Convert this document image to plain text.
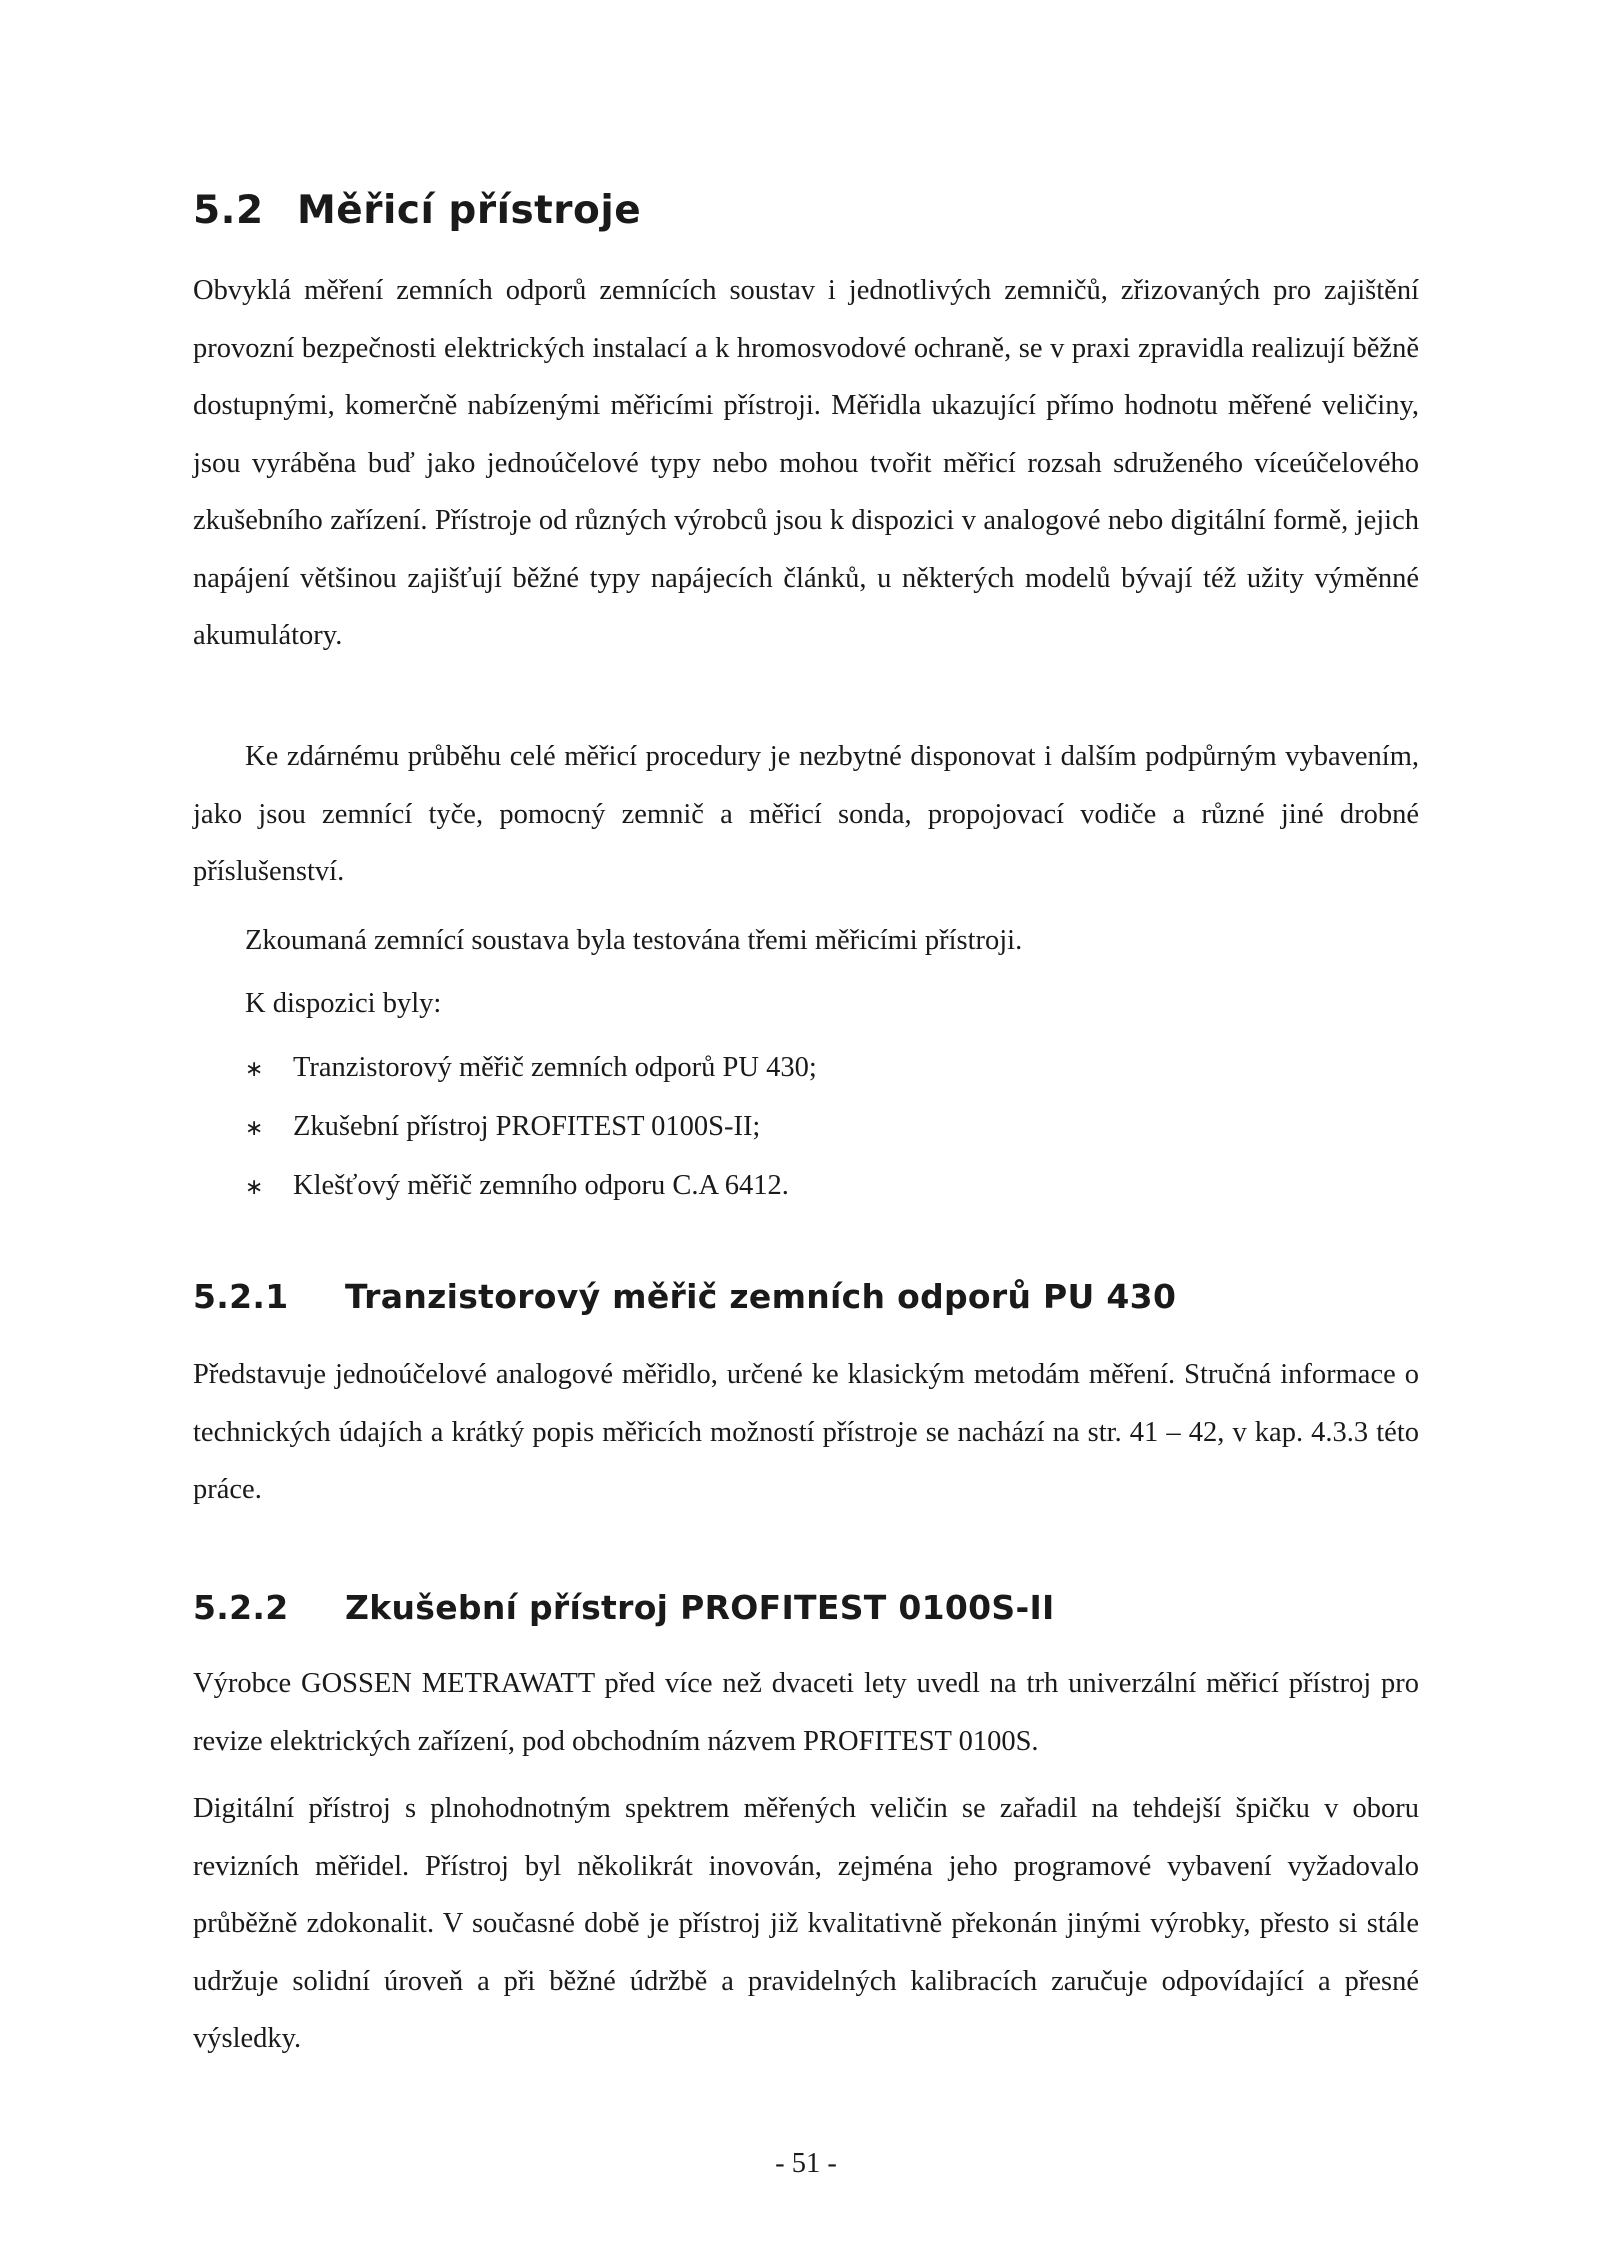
5.2 Měřicí přístroje

Obvyklá měření zemních odporů zemnících soustav i jednotlivých zemničů, zřizovaných pro zajištění provozní bezpečnosti elektrických instalací a k hromosvodové ochraně, se v praxi zpravidla realizují běžně dostupnými, komerčně nabízenými měřicími přístroji. Měřidla ukazující přímo hodnotu měřené veličiny, jsou vyráběna buď jako jednoúčelové typy nebo mohou tvořit měřicí rozsah sdruženého víceúčelového zkušebního zařízení. Přístroje od různých výrobců jsou k dispozici v analogové nebo digitální formě, jejich napájení většinou zajišťují běžné typy napájecích článků, u některých modelů bývají též užity výměnné akumulátory.

Ke zdárnému průběhu celé měřicí procedury je nezbytné disponovat i dalším podpůrným vybavením, jako jsou zemnící tyče, pomocný zemnič a měřicí sonda, propojovací vodiče a různé jiné drobné příslušenství.

Zkoumaná zemnící soustava byla testována třemi měřicími přístroji.

K dispozici byly:

∗ Tranzistorový měřič zemních odporů PU 430;
∗ Zkušební přístroj PROFITEST 0100S-II;
∗ Klešťový měřič zemního odporu C.A 6412.
5.2.1 Tranzistorový měřič zemních odporů PU 430

Představuje jednoúčelové analogové měřidlo, určené ke klasickým metodám měření. Stručná informace o technických údajích a krátký popis měřicích možností přístroje se nachází na str. 41 – 42, v kap. 4.3.3 této práce.

5.2.2 Zkušební přístroj PROFITEST 0100S-II

Výrobce GOSSEN METRAWATT před více než dvaceti lety uvedl na trh univerzální měřicí přístroj pro revize elektrických zařízení, pod obchodním názvem PROFITEST 0100S.

Digitální přístroj s plnohodnotným spektrem měřených veličin se zařadil na tehdejší špičku v oboru revizních měřidel. Přístroj byl několikrát inovován, zejména jeho programové vybavení vyžadovalo průběžně zdokonalit. V současné době je přístroj již kvalitativně překonán jinými výrobky, přesto si stále udržuje solidní úroveň a při běžné údržbě a pravidelných kalibracích zaručuje odpovídající a přesné výsledky.

- 51 -
